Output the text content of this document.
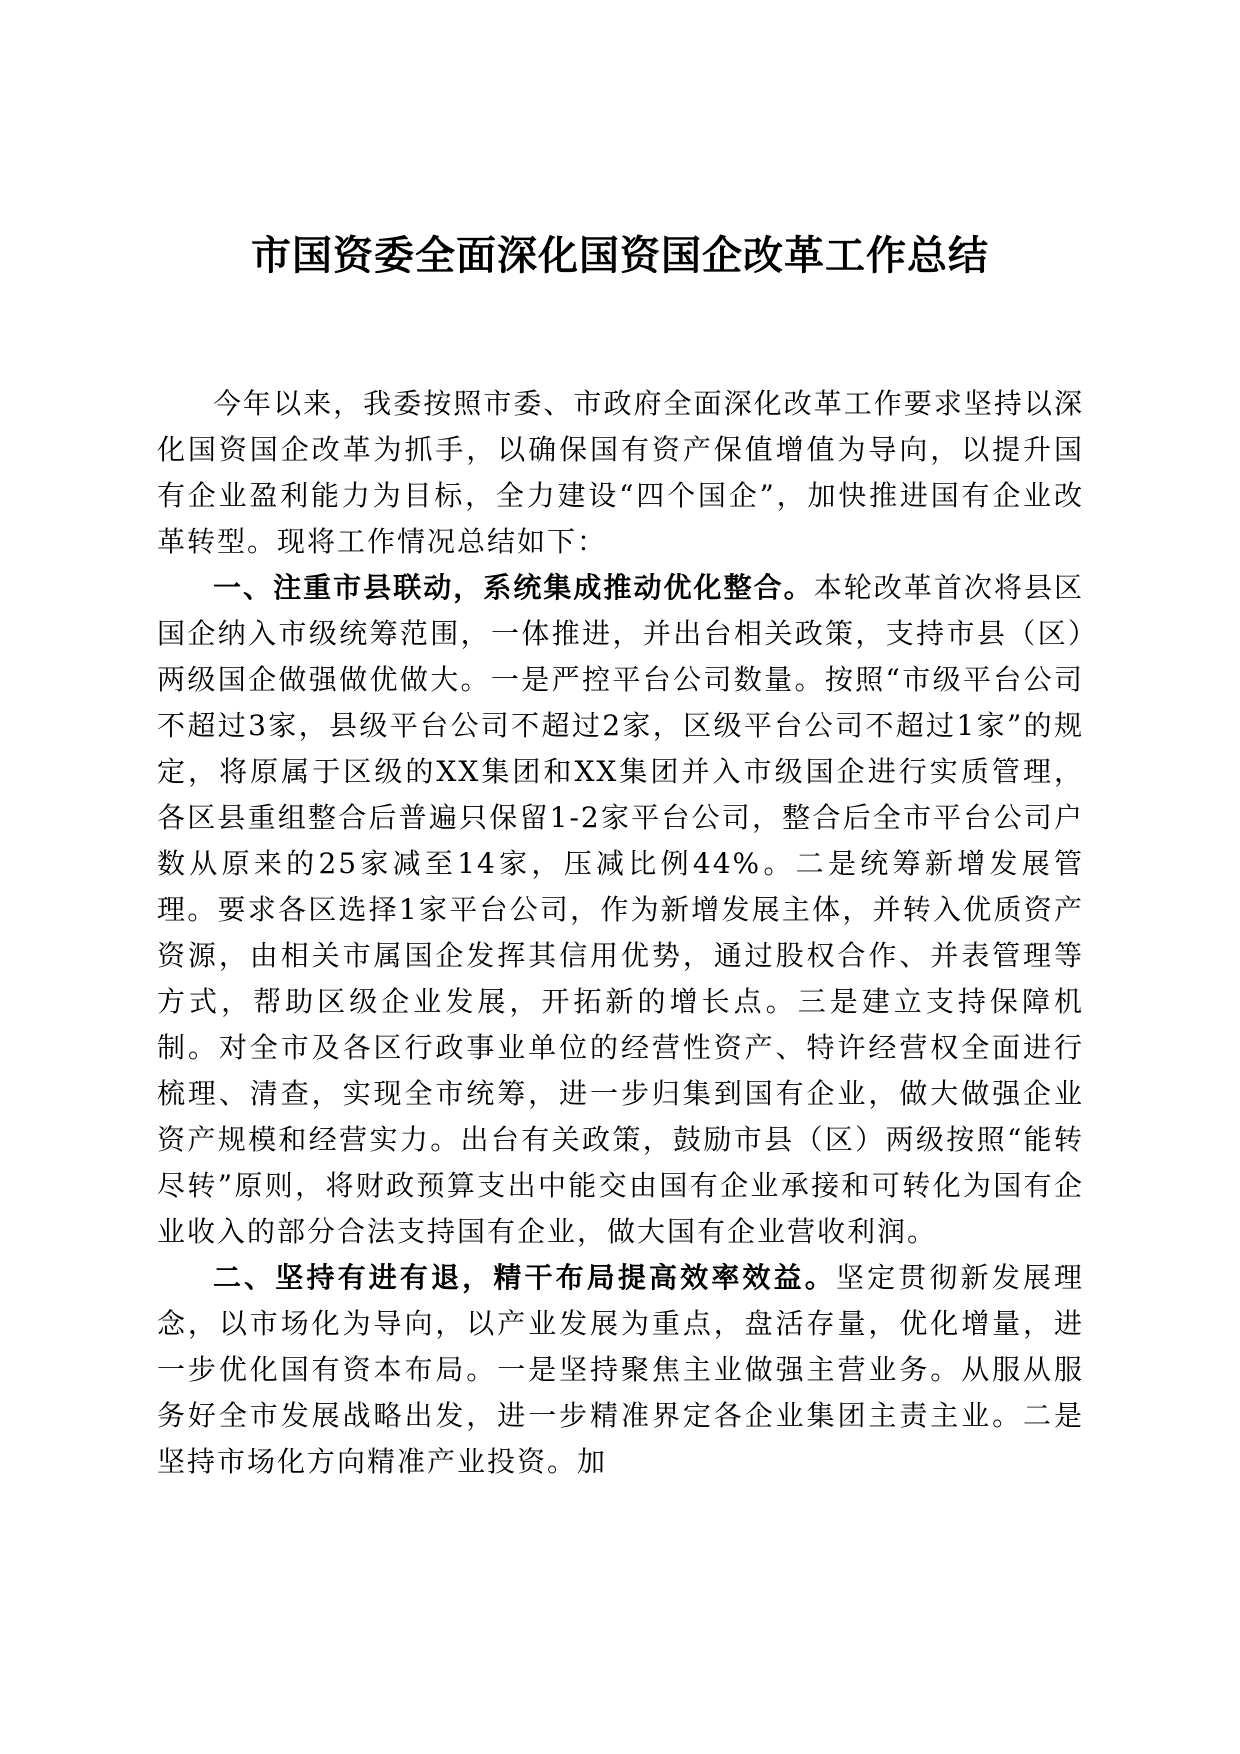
市国资委全面深化国资国企改革工作总结

今年以来，我委按照市委、市政府全面深化改革工作要求坚持以深化国资国企改革为抓手，以确保国有资产保值增值为导向，以提升国有企业盈利能力为目标，全力建设“四个国企”，加快推进国有企业改革转型。现将工作情况总结如下：

一、注重市县联动，系统集成推动优化整合。本轮改革首次将县区国企纳入市级统筹范围，一体推进，并出台相关政策，支持市县（区）两级国企做强做优做大。一是严控平台公司数量。按照“市级平台公司不超过3家，县级平台公司不超过2家，区级平台公司不超过1家”的规定，将原属于区级的XX集团和XX集团并入市级国企进行实质管理，各区县重组整合后普遍只保留1-2家平台公司，整合后全市平台公司户数从原来的25家减至14家，压减比例44%。二是统筹新增发展管理。要求各区选择1家平台公司，作为新增发展主体，并转入优质资产资源，由相关市属国企发挥其信用优势，通过股权合作、并表管理等方式，帮助区级企业发展，开拓新的增长点。三是建立支持保障机制。对全市及各区行政事业单位的经营性资产、特许经营权全面进行梳理、清查，实现全市统筹，进一步归集到国有企业，做大做强企业资产规模和经营实力。出台有关政策，鼓励市县（区）两级按照“能转尽转”原则，将财政预算支出中能交由国有企业承接和可转化为国有企业收入的部分合法支持国有企业，做大国有企业营收利润。

二、坚持有进有退，精干布局提高效率效益。坚定贯彻新发展理念，以市场化为导向，以产业发展为重点，盘活存量，优化增量，进一步优化国有资本布局。一是坚持聚焦主业做强主营业务。从服从服务好全市发展战略出发，进一步精准界定各企业集团主责主业。二是坚持市场化方向精准产业投资。加
